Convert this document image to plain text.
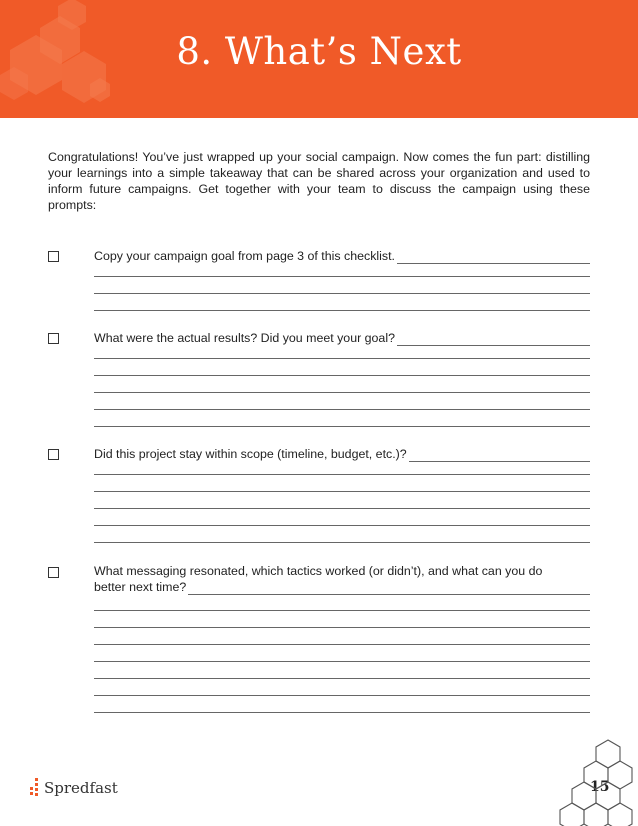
8. What’s Next
Congratulations! You’ve just wrapped up your social campaign. Now comes the fun part: distilling your learnings into a simple takeaway that can be shared across your organization and used to inform future campaigns. Get together with your team to discuss the campaign using these prompts:
Copy your campaign goal from page 3 of this checklist.
What were the actual results? Did you meet your goal?
Did this project stay within scope (timeline, budget, etc.)?
What messaging resonated, which tactics worked (or didn’t), and what can you do
better next time?
Spredfast	15
